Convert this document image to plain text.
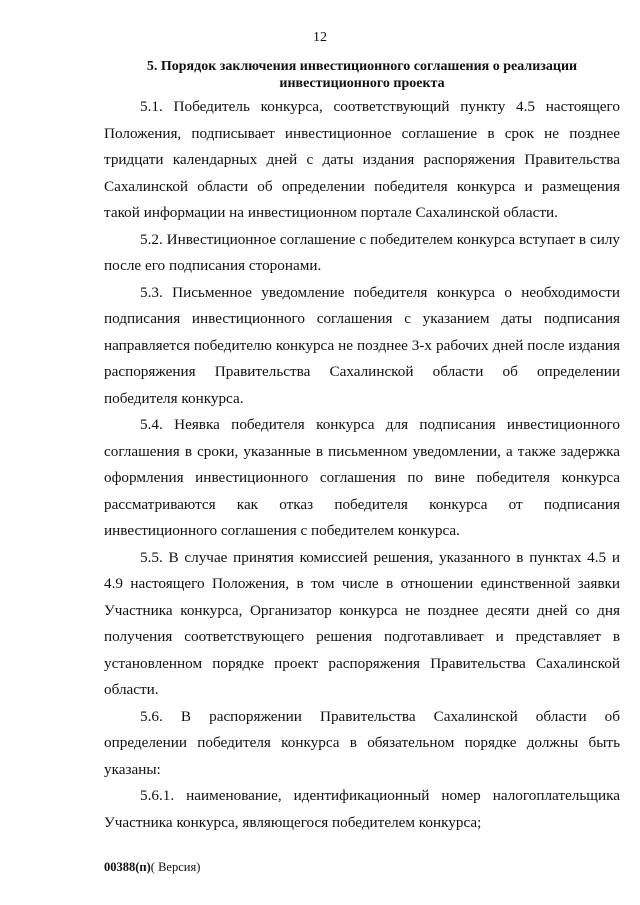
12
5. Порядок заключения инвестиционного соглашения о реализации инвестиционного проекта

5.1. Победитель конкурса, соответствующий пункту 4.5 настоящего Положения, подписывает инвестиционное соглашение в срок не позднее тридцати календарных дней с даты издания распоряжения Правительства Сахалинской области об определении победителя конкурса и размещения такой информации на инвестиционном портале Сахалинской области.

5.2. Инвестиционное соглашение с победителем конкурса вступает в силу после его подписания сторонами.

5.3. Письменное уведомление победителя конкурса о необходимости подписания инвестиционного соглашения с указанием даты подписания направляется победителю конкурса не позднее 3-х рабочих дней после издания распоряжения Правительства Сахалинской области об определении победителя конкурса.

5.4. Неявка победителя конкурса для подписания инвестиционного соглашения в сроки, указанные в письменном уведомлении, а также задержка оформления инвестиционного соглашения по вине победителя конкурса рассматриваются как отказ победителя конкурса от подписания инвестиционного соглашения с победителем конкурса.

5.5. В случае принятия комиссией решения, указанного в пунктах 4.5 и 4.9 настоящего Положения, в том числе в отношении единственной заявки Участника конкурса, Организатор конкурса не позднее десяти дней со дня получения соответствующего решения подготавливает и представляет в установленном порядке проект распоряжения Правительства Сахалинской области.

5.6. В распоряжении Правительства Сахалинской области об определении победителя конкурса в обязательном порядке должны быть указаны:

5.6.1. наименование, идентификационный номер налогоплательщика Участника конкурса, являющегося победителем конкурса;

00388(п)( Версия)
